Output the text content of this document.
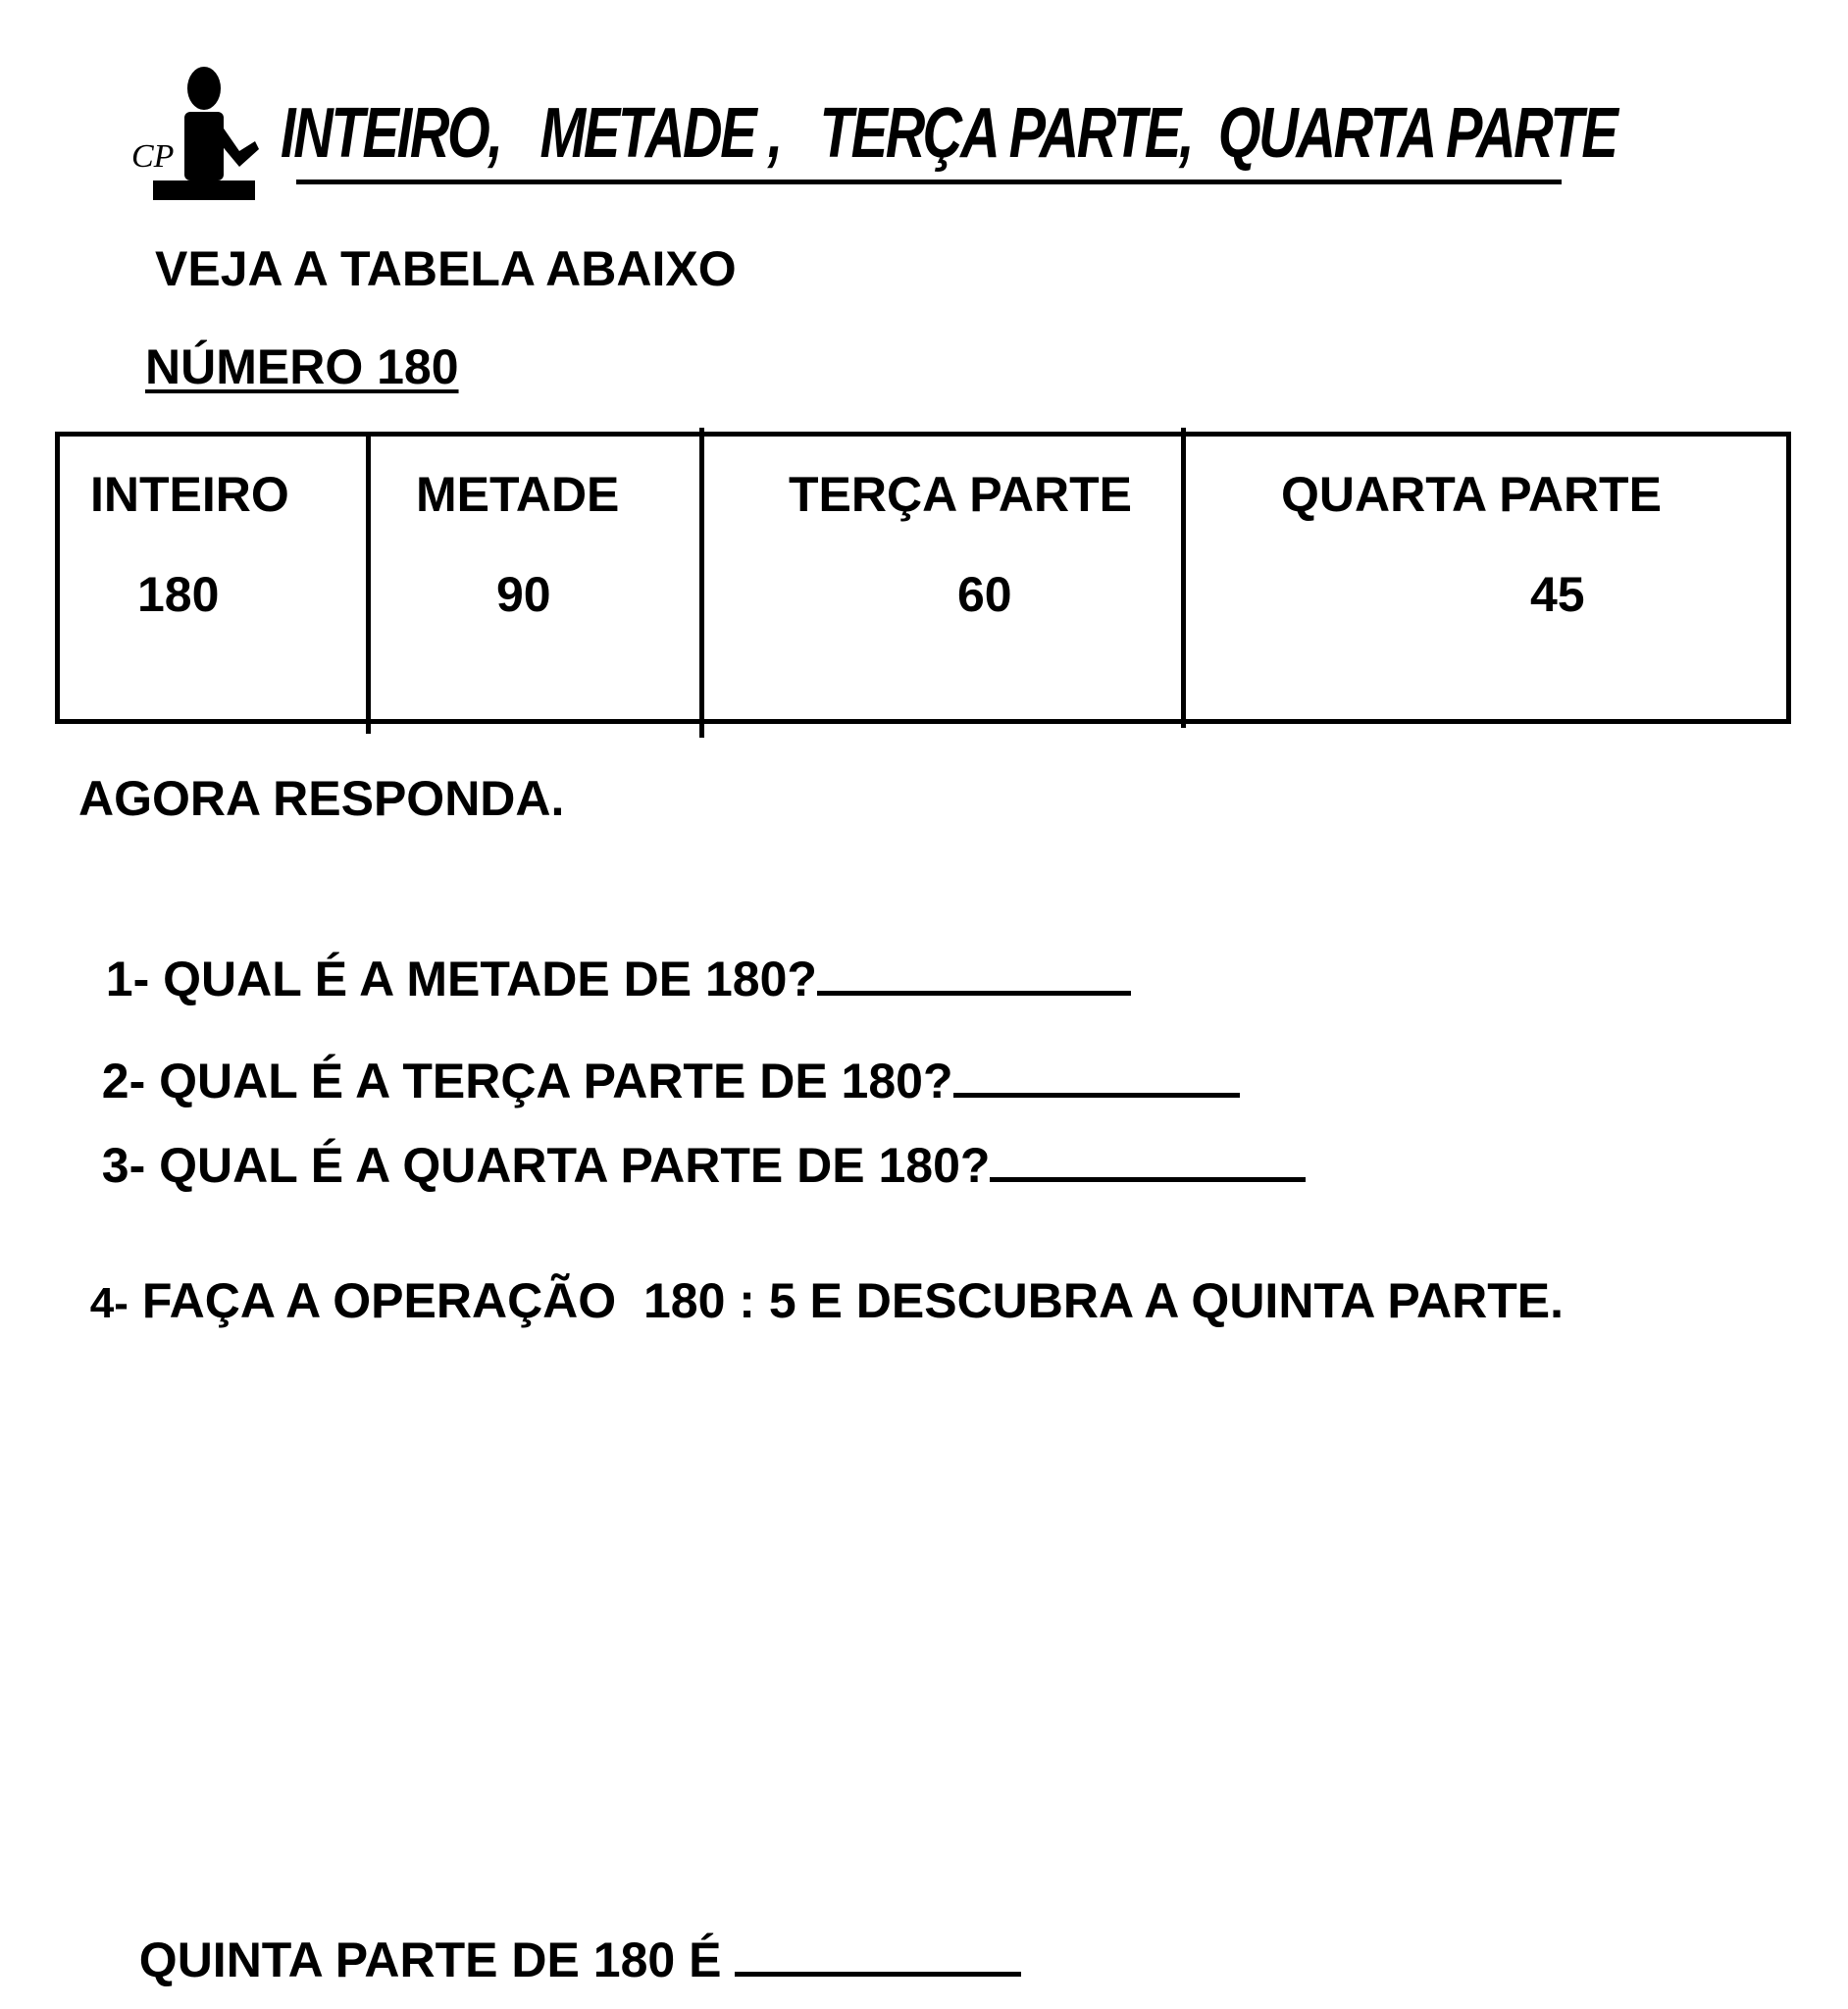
CP INTEIRO,   METADE ,   TERÇA PARTE,  QUARTA PARTE
VEJA A TABELA ABAIXO
NÚMERO 180
INTEIRO	METADE	TERÇA PARTE	QUARTA PARTE
180	90	60	45
AGORA RESPONDA.

1- QUAL É A METADE DE 180?

2- QUAL É A TERÇA PARTE DE 180?

3- QUAL É A QUARTA PARTE DE 180?

4- FAÇA A OPERAÇÃO  180 : 5 E DESCUBRA A QUINTA PARTE.

QUINTA PARTE DE 180 É
